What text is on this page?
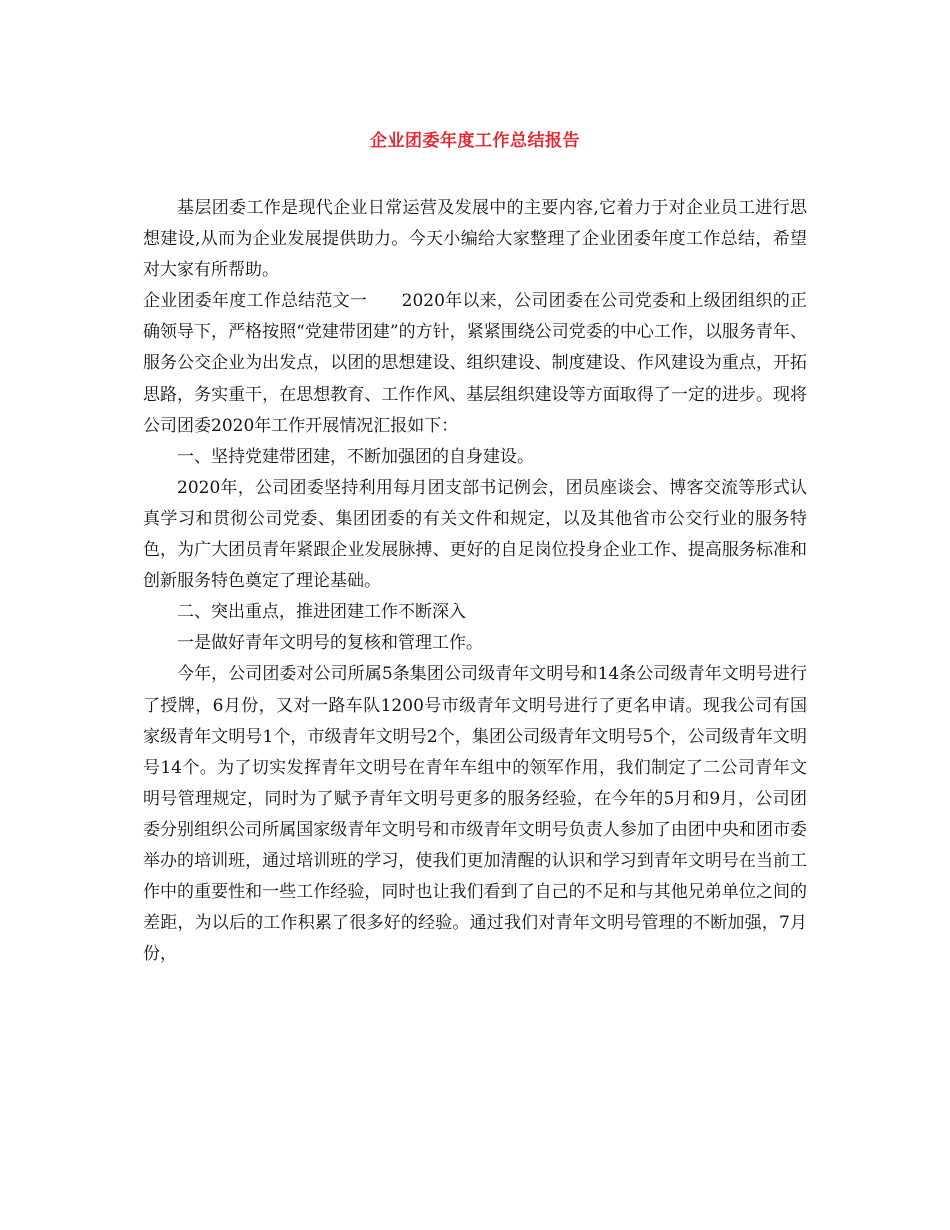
企业团委年度工作总结报告

基层团委工作是现代企业日常运营及发展中的主要内容,它着力于对企业员工进行思想建设,从而为企业发展提供助力。今天小编给大家整理了企业团委年度工作总结，希望对大家有所帮助。

企业团委年度工作总结范文一　　2020年以来，公司团委在公司党委和上级团组织的正确领导下，严格按照“党建带团建”的方针，紧紧围绕公司党委的中心工作，以服务青年、服务公交企业为出发点，以团的思想建设、组织建设、制度建设、作风建设为重点，开拓思路，务实重干，在思想教育、工作作风、基层组织建设等方面取得了一定的进步。现将公司团委2020年工作开展情况汇报如下：

一、坚持党建带团建，不断加强团的自身建设。

2020年，公司团委坚持利用每月团支部书记例会，团员座谈会、博客交流等形式认真学习和贯彻公司党委、集团团委的有关文件和规定，以及其他省市公交行业的服务特色，为广大团员青年紧跟企业发展脉搏、更好的自足岗位投身企业工作、提高服务标准和创新服务特色奠定了理论基础。

二、突出重点，推进团建工作不断深入

一是做好青年文明号的复核和管理工作。

今年，公司团委对公司所属5条集团公司级青年文明号和14条公司级青年文明号进行了授牌，6月份，又对一路车队1200号市级青年文明号进行了更名申请。现我公司有国家级青年文明号1个，市级青年文明号2个，集团公司级青年文明号5个，公司级青年文明号14个。为了切实发挥青年文明号在青年车组中的领军作用，我们制定了二公司青年文明号管理规定，同时为了赋予青年文明号更多的服务经验，在今年的5月和9月，公司团委分别组织公司所属国家级青年文明号和市级青年文明号负责人参加了由团中央和团市委举办的培训班，通过培训班的学习，使我们更加清醒的认识和学习到青年文明号在当前工作中的重要性和一些工作经验，同时也让我们看到了自己的不足和与其他兄弟单位之间的差距，为以后的工作积累了很多好的经验。通过我们对青年文明号管理的不断加强，7月份，
